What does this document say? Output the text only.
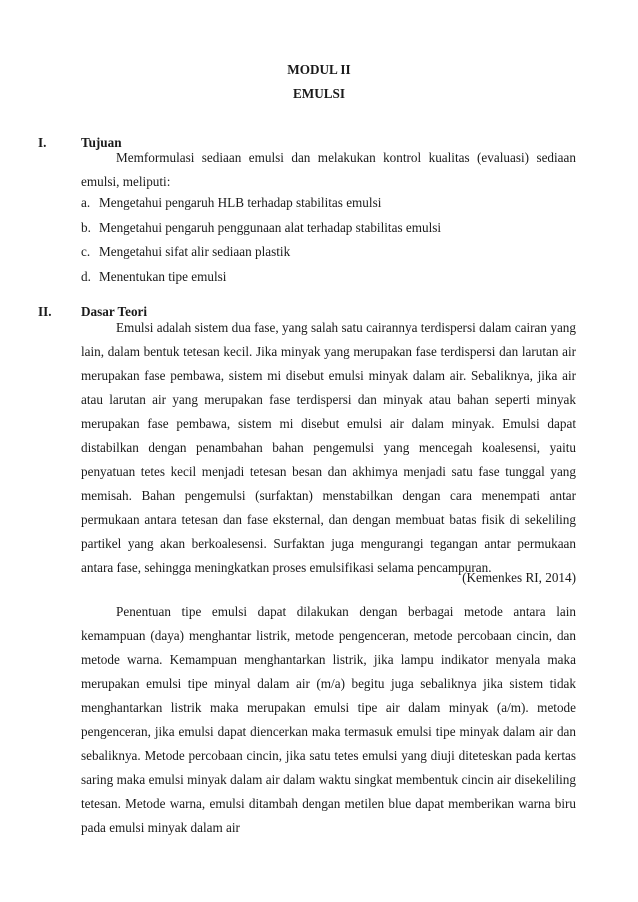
MODUL II
EMULSI
I.	Tujuan

Memformulasi sediaan emulsi dan melakukan kontrol kualitas (evaluasi) sediaan emulsi, meliputi:

a. Mengetahui pengaruh HLB terhadap stabilitas emulsi
b. Mengetahui pengaruh penggunaan alat terhadap stabilitas emulsi
c. Mengetahui sifat alir sediaan plastik
d. Menentukan tipe emulsi
II.	Dasar Teori

Emulsi adalah sistem dua fase, yang salah satu cairannya terdispersi dalam cairan yang lain, dalam bentuk tetesan kecil. Jika minyak yang merupakan fase terdispersi dan larutan air merupakan fase pembawa, sistem mi disebut emulsi minyak dalam air. Sebaliknya, jika air atau larutan air yang merupakan fase terdispersi dan minyak atau bahan seperti minyak merupakan fase pembawa, sistem mi disebut emulsi air dalam minyak. Emulsi dapat distabilkan dengan penambahan bahan pengemulsi yang mencegah koalesensi, yaitu penyatuan tetes kecil menjadi tetesan besan dan akhimya menjadi satu fase tunggal yang memisah. Bahan pengemulsi (surfaktan) menstabilkan dengan cara menempati antar permukaan antara tetesan dan fase eksternal, dan dengan membuat batas fisik di sekeliling partikel yang akan berkoalesensi. Surfaktan juga mengurangi tegangan antar permukaan antara fase, sehingga meningkatkan proses emulsifikasi selama pencampuran.

(Kemenkes RI, 2014)

Penentuan tipe emulsi dapat dilakukan dengan berbagai metode antara lain kemampuan (daya) menghantar listrik, metode pengenceran, metode percobaan cincin, dan metode warna. Kemampuan menghantarkan listrik, jika lampu indikator menyala maka merupakan emulsi tipe minyal dalam air (m/a) begitu juga sebaliknya jika sistem tidak menghantarkan listrik maka merupakan emulsi tipe air dalam minyak (a/m). metode pengenceran, jika emulsi dapat diencerkan maka termasuk emulsi tipe minyak dalam air dan sebaliknya. Metode percobaan cincin, jika satu tetes emulsi yang diuji diteteskan pada kertas saring maka emulsi minyak dalam air dalam waktu singkat membentuk cincin air disekeliling tetesan. Metode warna, emulsi ditambah dengan metilen blue dapat memberikan warna biru pada emulsi minyak dalam air
